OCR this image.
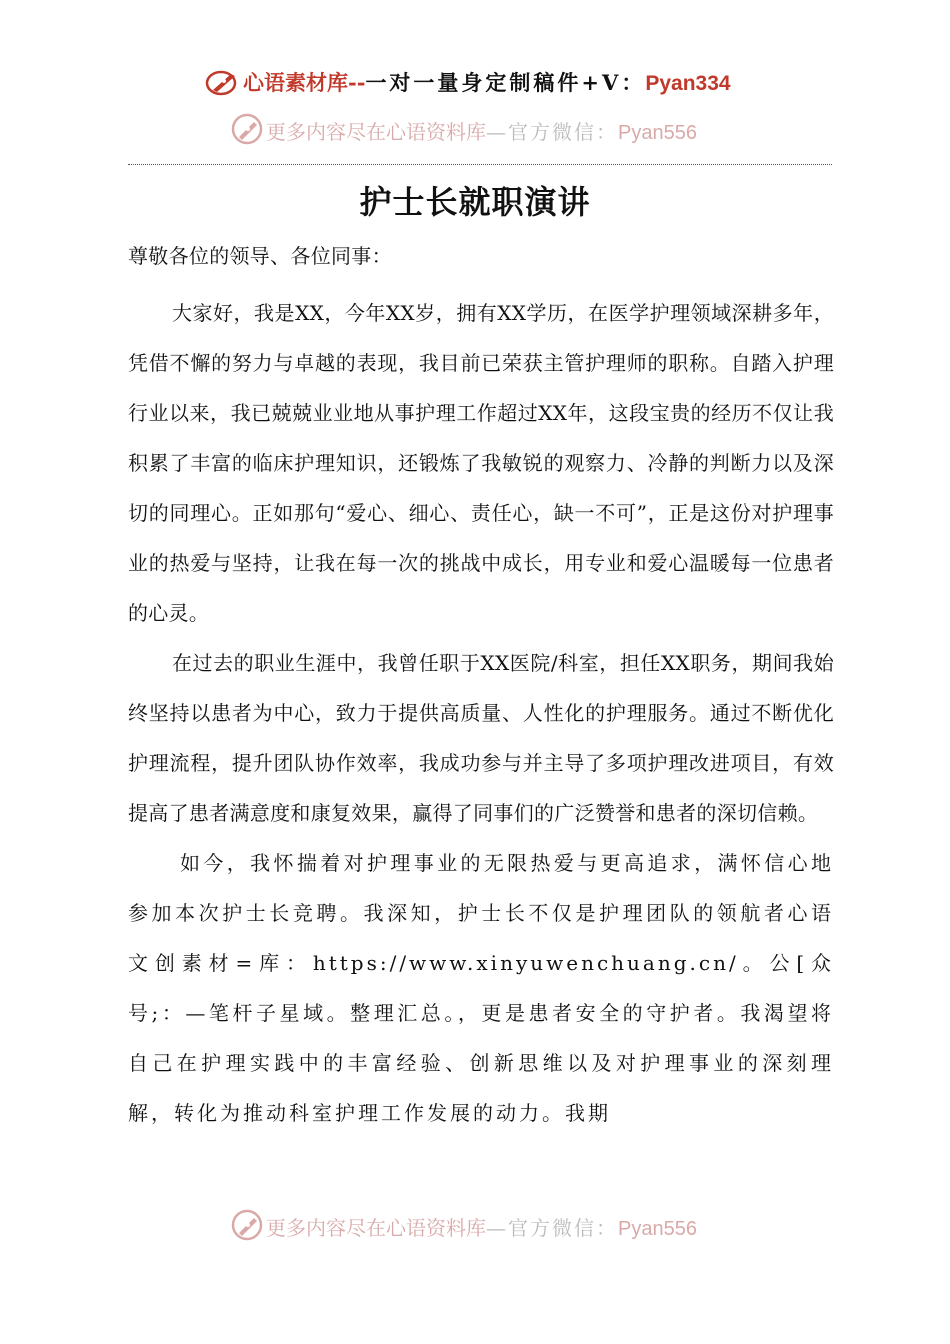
心语素材库--一对一量身定制稿件+V：Pyan334
更多内容尽在心语资料库—官方微信：Pyan556
护士长就职演讲

尊敬各位的领导、各位同事：

大家好，我是XX，今年XX岁，拥有XX学历，在医学护理领域深耕多年，凭借不懈的努力与卓越的表现，我目前已荣获主管护理师的职称。自踏入护理行业以来，我已兢兢业业地从事护理工作超过XX年，这段宝贵的经历不仅让我积累了丰富的临床护理知识，还锻炼了我敏锐的观察力、冷静的判断力以及深切的同理心。正如那句“爱心、细心、责任心，缺一不可”，正是这份对护理事业的热爱与坚持，让我在每一次的挑战中成长，用专业和爱心温暖每一位患者的心灵。

在过去的职业生涯中，我曾任职于XX医院/科室，担任XX职务，期间我始终坚持以患者为中心，致力于提供高质量、人性化的护理服务。通过不断优化护理流程，提升团队协作效率，我成功参与并主导了多项护理改进项目，有效提高了患者满意度和康复效果，赢得了同事们的广泛赞誉和患者的深切信赖。

如今，我怀揣着对护理事业的无限热爱与更高追求，满怀信心地参加本次护士长竞聘。我深知，护士长不仅是护理团队的领航者心语文创素材=库：https://www.xinyuwenchuang.cn/。公[众号;：—笔杆子星域。整理汇总。，更是患者安全的守护者。我渴望将自己在护理实践中的丰富经验、创新思维以及对护理事业的深刻理解，转化为推动科室护理工作发展的动力。我期

更多内容尽在心语资料库—官方微信：Pyan556
